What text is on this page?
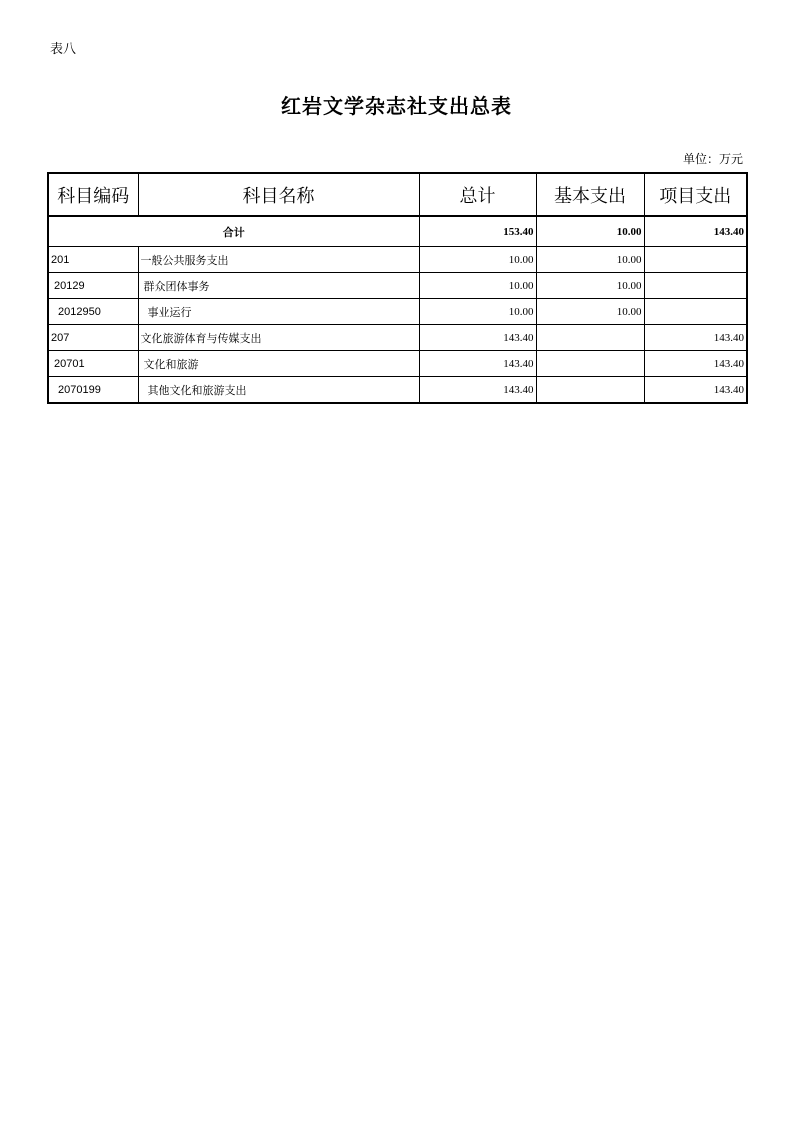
表八
红岩文学杂志社支出总表
单位：万元
科目编码	科目名称	总计	基本支出	项目支出
合计		153.40	10.00	143.40
201	一般公共服务支出	10.00	10.00	
20129	群众团体事务	10.00	10.00	
2012950	事业运行	10.00	10.00	
207	文化旅游体育与传媒支出	143.40		143.40
20701	文化和旅游	143.40		143.40
2070199	其他文化和旅游支出	143.40		143.40
